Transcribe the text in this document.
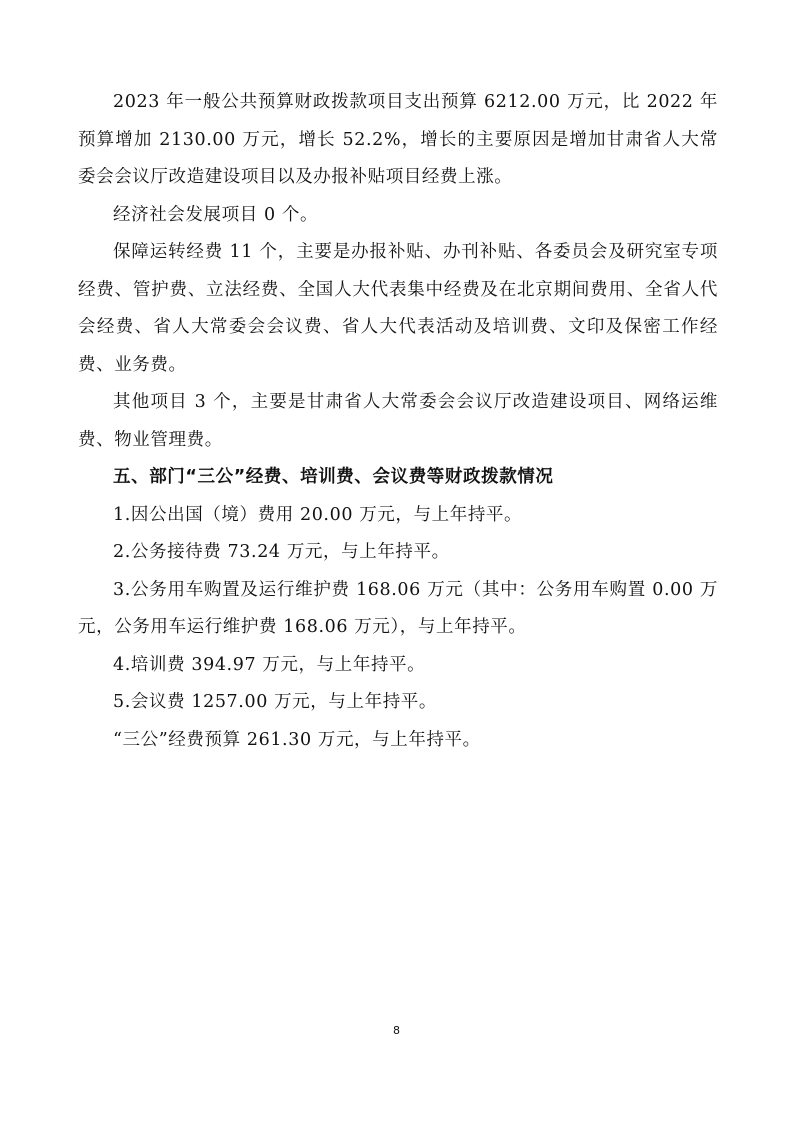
2023 年一般公共预算财政拨款项目支出预算 6212.00 万元，比 2022 年预算增加 2130.00 万元，增长 52.2%，增长的主要原因是增加甘肃省人大常委会会议厅改造建设项目以及办报补贴项目经费上涨。

经济社会发展项目 0 个。

保障运转经费 11 个，主要是办报补贴、办刊补贴、各委员会及研究室专项经费、管护费、立法经费、全国人大代表集中经费及在北京期间费用、全省人代会经费、省人大常委会会议费、省人大代表活动及培训费、文印及保密工作经费、业务费。

其他项目 3 个，主要是甘肃省人大常委会会议厅改造建设项目、网络运维费、物业管理费。

五、部门“三公”经费、培训费、会议费等财政拨款情况

1.因公出国（境）费用 20.00 万元，与上年持平。

2.公务接待费 73.24 万元，与上年持平。

3.公务用车购置及运行维护费 168.06 万元（其中：公务用车购置 0.00 万元，公务用车运行维护费 168.06 万元），与上年持平。

4.培训费 394.97 万元，与上年持平。

5.会议费 1257.00 万元，与上年持平。

“三公”经费预算 261.30 万元，与上年持平。

8
